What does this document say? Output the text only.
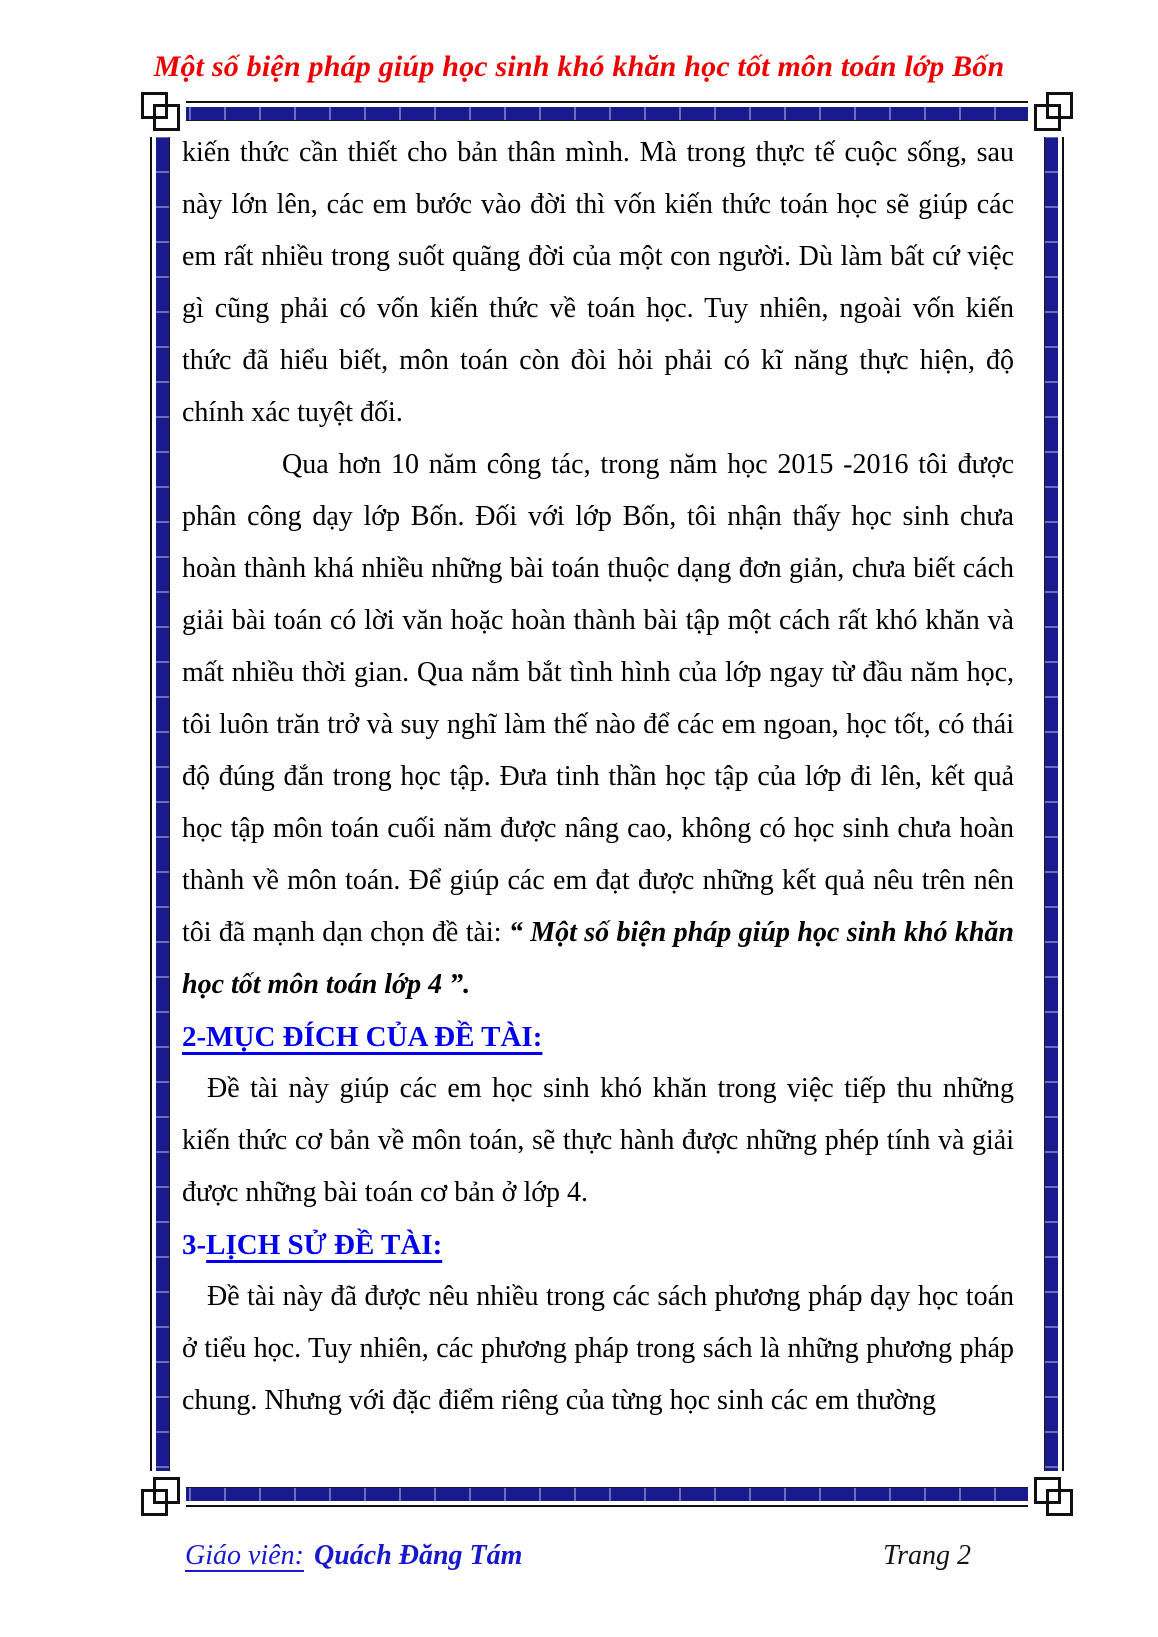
Một số biện pháp giúp học sinh khó khăn học tốt môn toán lớp Bốn

kiến thức cần thiết cho bản thân mình. Mà trong thực tế cuộc sống, sau này lớn lên, các em bước vào đời thì vốn kiến thức toán học sẽ giúp các em rất nhiều trong suốt quãng đời của một con người. Dù làm bất cứ việc gì cũng phải có vốn kiến thức về toán học. Tuy nhiên, ngoài vốn kiến thức đã hiểu biết, môn toán còn đòi hỏi phải có kĩ năng thực hiện, độ chính xác tuyệt đối.

Qua hơn 10 năm công tác, trong năm học 2015 -2016 tôi được phân công dạy lớp Bốn. Đối với lớp Bốn, tôi nhận thấy học sinh chưa hoàn thành khá nhiều những bài toán thuộc dạng đơn giản, chưa biết cách giải bài toán có lời văn hoặc hoàn thành bài tập một cách rất khó khăn và mất nhiều thời gian. Qua nắm bắt tình hình của lớp ngay từ đầu năm học, tôi luôn trăn trở và suy nghĩ làm thế nào để các em ngoan, học tốt, có thái độ đúng đắn trong học tập. Đưa tinh thần học tập của lớp đi lên, kết quả học tập môn toán cuối năm được nâng cao, không có học sinh chưa hoàn thành về môn toán. Để giúp các em đạt được những kết quả nêu trên nên tôi đã mạnh dạn chọn đề tài: “ Một số biện pháp giúp học sinh khó khăn học tốt môn toán lớp 4 ”.

2-MỤC ĐÍCH CỦA ĐỀ TÀI:

Đề tài này giúp các em học sinh khó khăn trong việc tiếp thu những kiến thức cơ bản về môn toán, sẽ thực hành được những phép tính và giải được những bài toán cơ bản ở lớp 4.

3-LỊCH SỬ ĐỀ TÀI:

Đề tài này đã được nêu nhiều trong các sách phương pháp dạy học toán ở tiểu học. Tuy nhiên, các phương pháp trong sách là những phương pháp chung. Nhưng với đặc điểm riêng của từng học sinh các em thường

Giáo viên: Quách Đăng Tám	Trang 2
